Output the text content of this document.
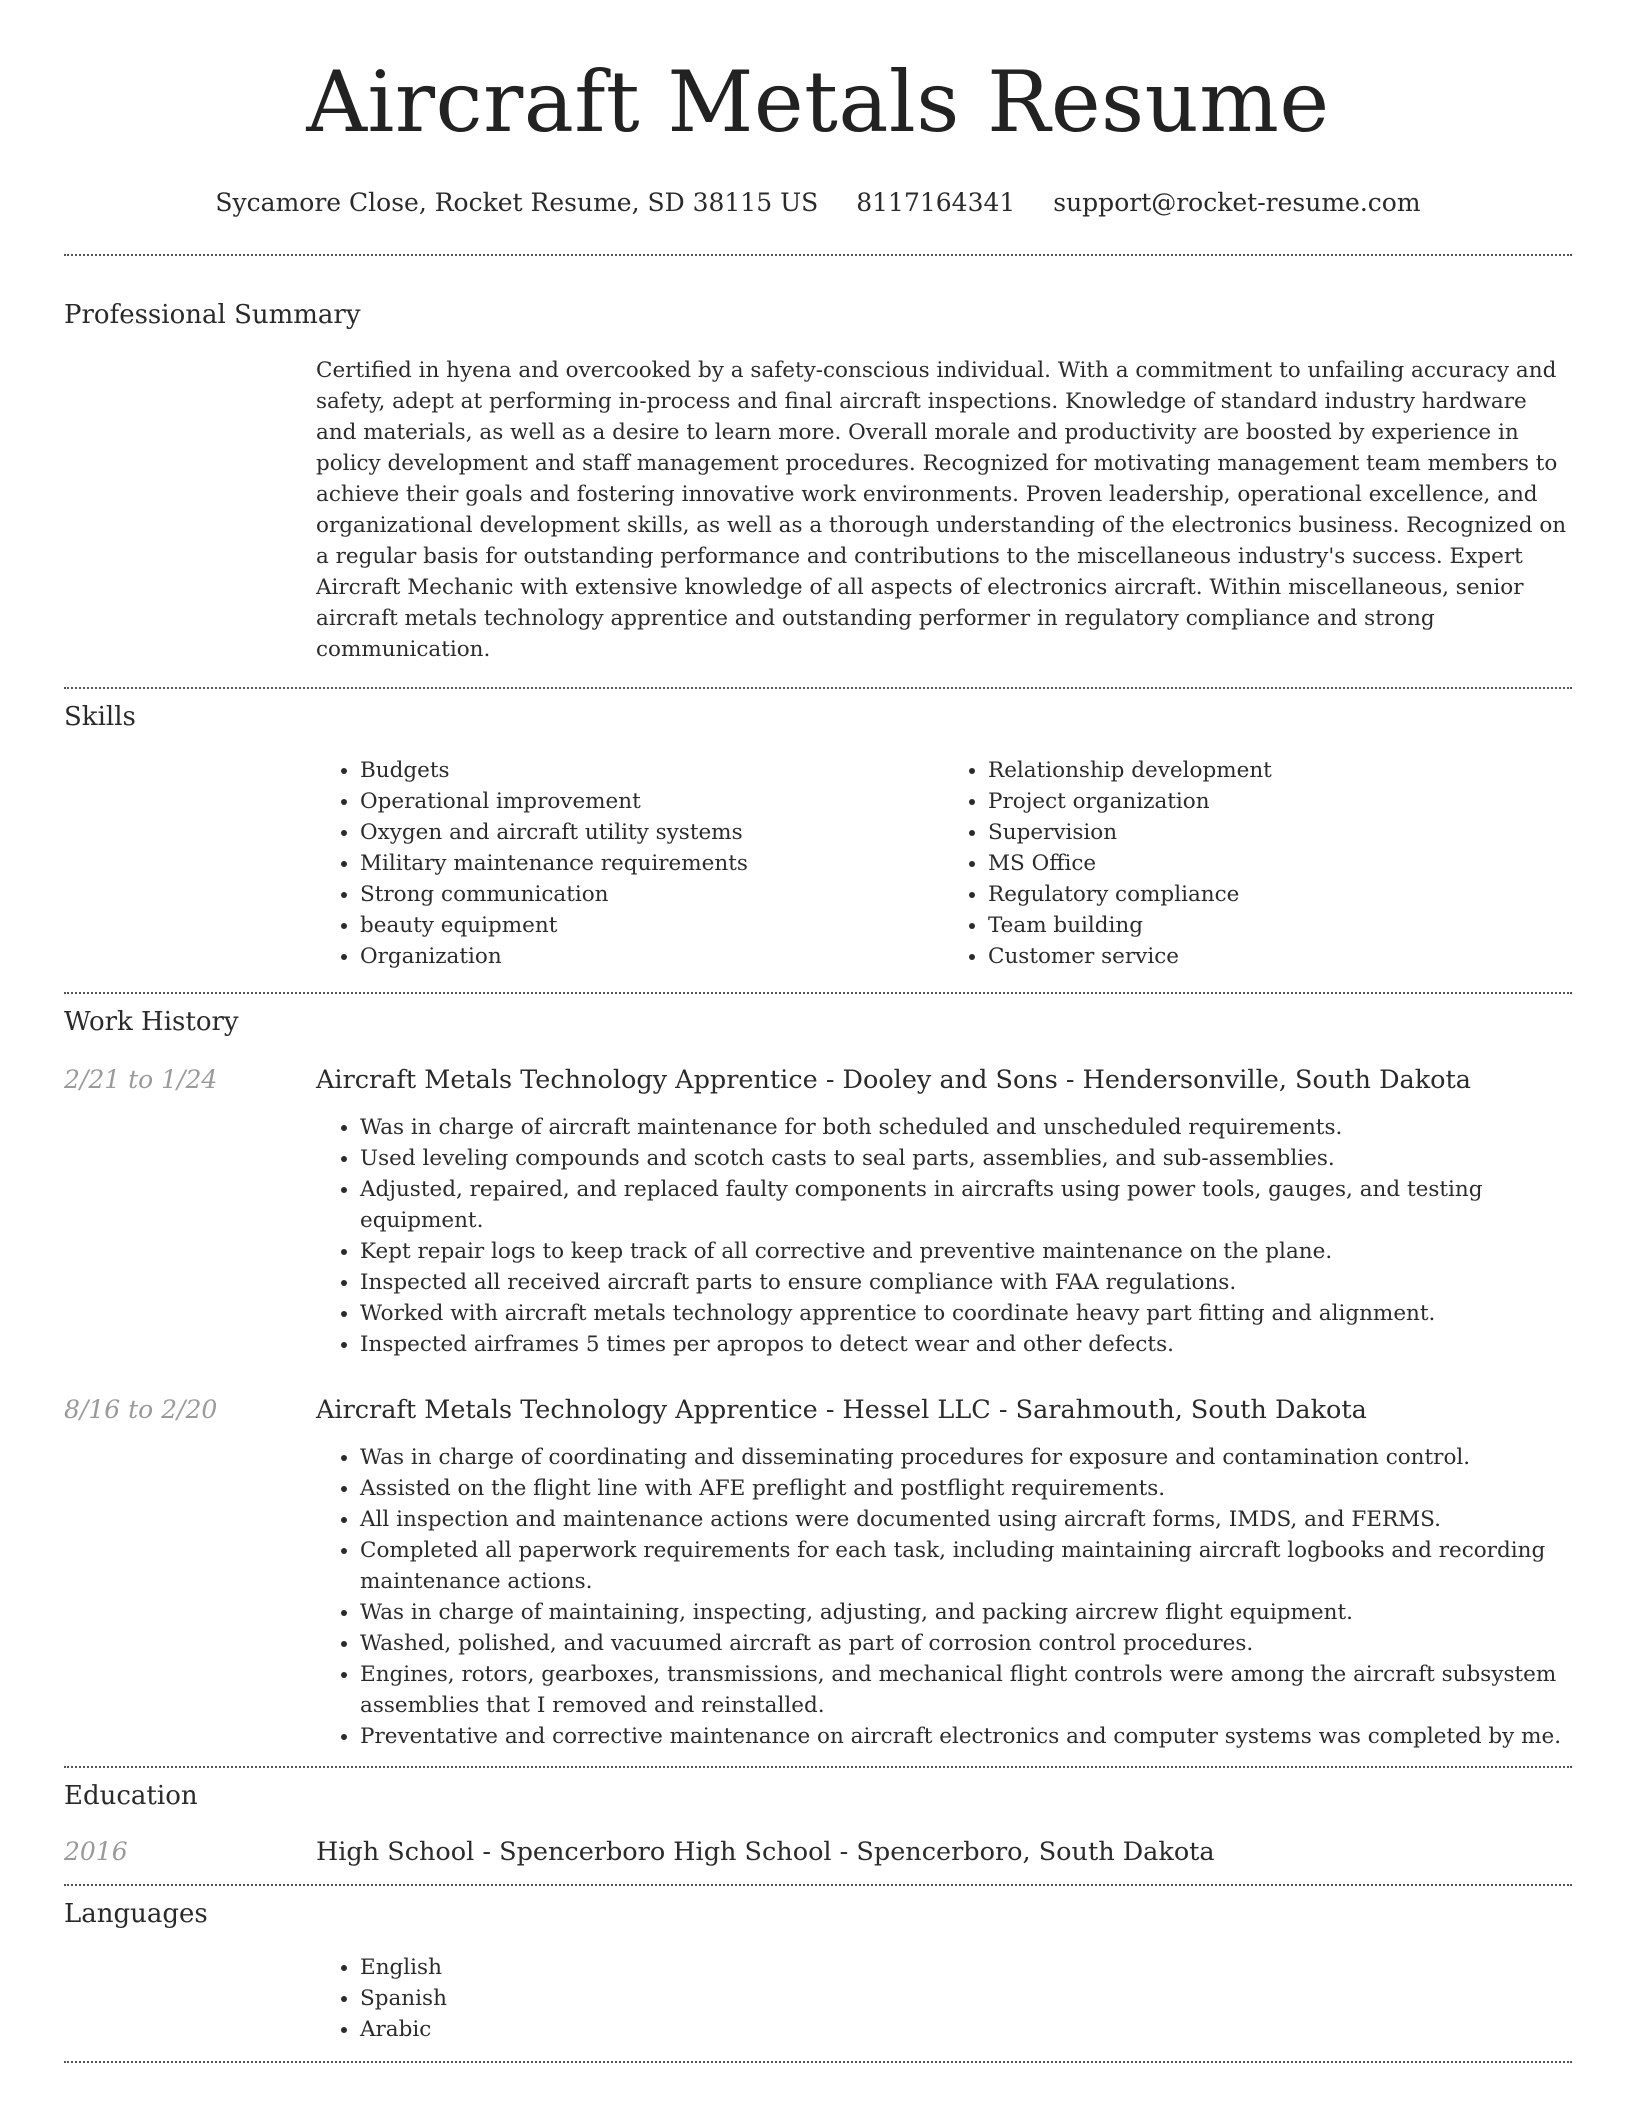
Aircraft Metals Resume
Sycamore Close, Rocket Resume, SD 38115 US 8117164341 support@rocket-resume.com
Professional Summary

Certified in hyena and overcooked by a safety-conscious individual. With a commitment to unfailing accuracy and safety, adept at performing in-process and final aircraft inspections. Knowledge of standard industry hardware and materials, as well as a desire to learn more. Overall morale and productivity are boosted by experience in policy development and staff management procedures. Recognized for motivating management team members to achieve their goals and fostering innovative work environments. Proven leadership, operational excellence, and organizational development skills, as well as a thorough understanding of the electronics business. Recognized on a regular basis for outstanding performance and contributions to the miscellaneous industry's success. Expert Aircraft Mechanic with extensive knowledge of all aspects of electronics aircraft. Within miscellaneous, senior aircraft metals technology apprentice and outstanding performer in regulatory compliance and strong communication.

Skills
• Budgets
• Operational improvement
• Oxygen and aircraft utility systems
• Military maintenance requirements
• Strong communication
• beauty equipment
• Organization
• Relationship development
• Project organization
• Supervision
• MS Office
• Regulatory compliance
• Team building
• Customer service
Work History
2/21 to 1/24	Aircraft Metals Technology Apprentice - Dooley and Sons - Hendersonville, South Dakota
• Was in charge of aircraft maintenance for both scheduled and unscheduled requirements.
• Used leveling compounds and scotch casts to seal parts, assemblies, and sub-assemblies.
• Adjusted, repaired, and replaced faulty components in aircrafts using power tools, gauges, and testing equipment.
• Kept repair logs to keep track of all corrective and preventive maintenance on the plane.
• Inspected all received aircraft parts to ensure compliance with FAA regulations.
• Worked with aircraft metals technology apprentice to coordinate heavy part fitting and alignment.
• Inspected airframes 5 times per apropos to detect wear and other defects.
8/16 to 2/20	Aircraft Metals Technology Apprentice - Hessel LLC - Sarahmouth, South Dakota
• Was in charge of coordinating and disseminating procedures for exposure and contamination control.
• Assisted on the flight line with AFE preflight and postflight requirements.
• All inspection and maintenance actions were documented using aircraft forms, IMDS, and FERMS.
• Completed all paperwork requirements for each task, including maintaining aircraft logbooks and recording maintenance actions.
• Was in charge of maintaining, inspecting, adjusting, and packing aircrew flight equipment.
• Washed, polished, and vacuumed aircraft as part of corrosion control procedures.
• Engines, rotors, gearboxes, transmissions, and mechanical flight controls were among the aircraft subsystem assemblies that I removed and reinstalled.
• Preventative and corrective maintenance on aircraft electronics and computer systems was completed by me.
Education
2016	High School - Spencerboro High School - Spencerboro, South Dakota
Languages
• English
• Spanish
• Arabic
